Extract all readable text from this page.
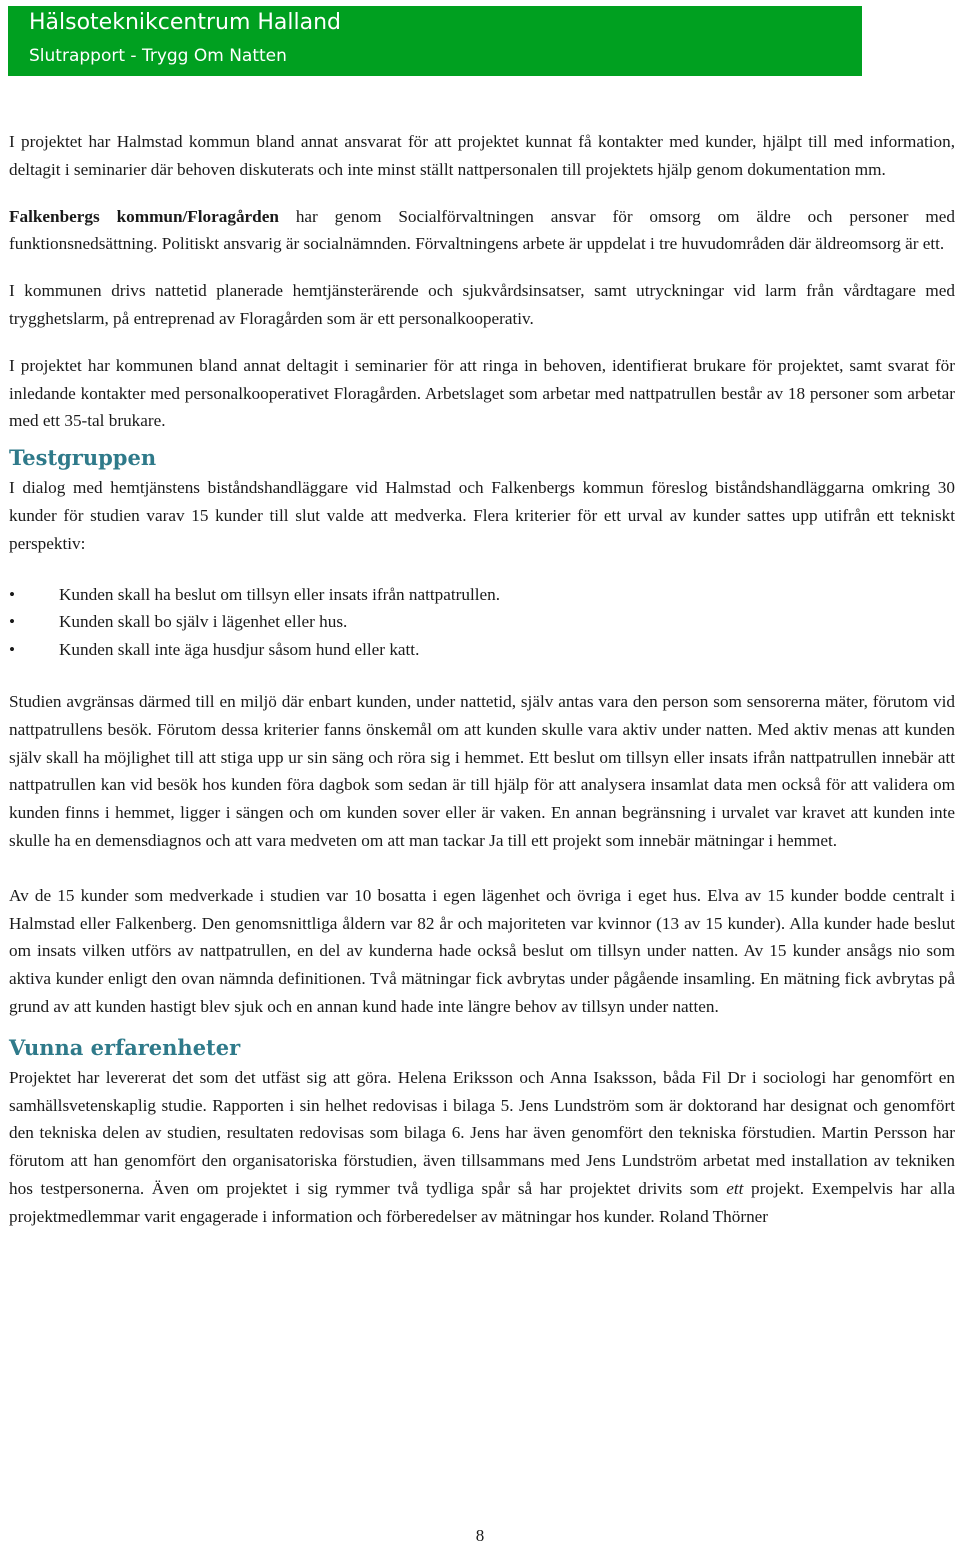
Hälsoteknikcentrum Halland
Slutrapport - Trygg Om Natten

I projektet har Halmstad kommun bland annat ansvarat för att projektet kunnat få kontakter med kunder, hjälpt till med information, deltagit i seminarier där behoven diskuterats och inte minst ställt nattpersonalen till projektets hjälp genom dokumentation mm.

Falkenbergs kommun/Floragården har genom Socialförvaltningen ansvar för omsorg om äldre och personer med funktionsnedsättning. Politiskt ansvarig är socialnämnden. Förvaltningens arbete är uppdelat i tre huvudområden där äldreomsorg är ett.

I kommunen drivs nattetid planerade hemtjänsterärende och sjukvårdsinsatser, samt utryckningar vid larm från vårdtagare med trygghetslarm, på entreprenad av Floragården som är ett personalkooperativ.

I projektet har kommunen bland annat deltagit i seminarier för att ringa in behoven, identifierat brukare för projektet, samt svarat för inledande kontakter med personalkooperativet Floragården. Arbetslaget som arbetar med nattpatrullen består av 18 personer som arbetar med ett 35-tal brukare.

Testgruppen

I dialog med hemtjänstens biståndshandläggare vid Halmstad och Falkenbergs kommun föreslog biståndshandläggarna omkring 30 kunder för studien varav 15 kunder till slut valde att medverka. Flera kriterier för ett urval av kunder sattes upp utifrån ett tekniskt perspektiv:

• Kunden skall ha beslut om tillsyn eller insats ifrån nattpatrullen.
• Kunden skall bo själv i lägenhet eller hus.
• Kunden skall inte äga husdjur såsom hund eller katt.

Studien avgränsas därmed till en miljö där enbart kunden, under nattetid, själv antas vara den person som sensorerna mäter, förutom vid nattpatrullens besök. Förutom dessa kriterier fanns önskemål om att kunden skulle vara aktiv under natten. Med aktiv menas att kunden själv skall ha möjlighet till att stiga upp ur sin säng och röra sig i hemmet. Ett beslut om tillsyn eller insats ifrån nattpatrullen innebär att nattpatrullen kan vid besök hos kunden föra dagbok som sedan är till hjälp för att analysera insamlat data men också för att validera om kunden finns i hemmet, ligger i sängen och om kunden sover eller är vaken. En annan begränsning i urvalet var kravet att kunden inte skulle ha en demensdiagnos och att vara medveten om att man tackar Ja till ett projekt som innebär mätningar i hemmet.

Av de 15 kunder som medverkade i studien var 10 bosatta i egen lägenhet och övriga i eget hus. Elva av 15 kunder bodde centralt i Halmstad eller Falkenberg. Den genomsnittliga åldern var 82 år och majoriteten var kvinnor (13 av 15 kunder). Alla kunder hade beslut om insats vilken utförs av nattpatrullen, en del av kunderna hade också beslut om tillsyn under natten. Av 15 kunder ansågs nio som aktiva kunder enligt den ovan nämnda definitionen. Två mätningar fick avbrytas under pågående insamling. En mätning fick avbrytas på grund av att kunden hastigt blev sjuk och en annan kund hade inte längre behov av tillsyn under natten.

Vunna erfarenheter

Projektet har levererat det som det utfäst sig att göra. Helena Eriksson och Anna Isaksson, båda Fil Dr i sociologi har genomfört en samhällsvetenskaplig studie. Rapporten i sin helhet redovisas i bilaga 5. Jens Lundström som är doktorand har designat och genomfört den tekniska delen av studien, resultaten redovisas som bilaga 6. Jens har även genomfört den tekniska förstudien. Martin Persson har förutom att han genomfört den organisatoriska förstudien, även tillsammans med Jens Lundström arbetat med installation av tekniken hos testpersonerna. Även om projektet i sig rymmer två tydliga spår så har projektet drivits som ett projekt. Exempelvis har alla projektmedlemmar varit engagerade i information och förberedelser av mätningar hos kunder. Roland Thörner

8
